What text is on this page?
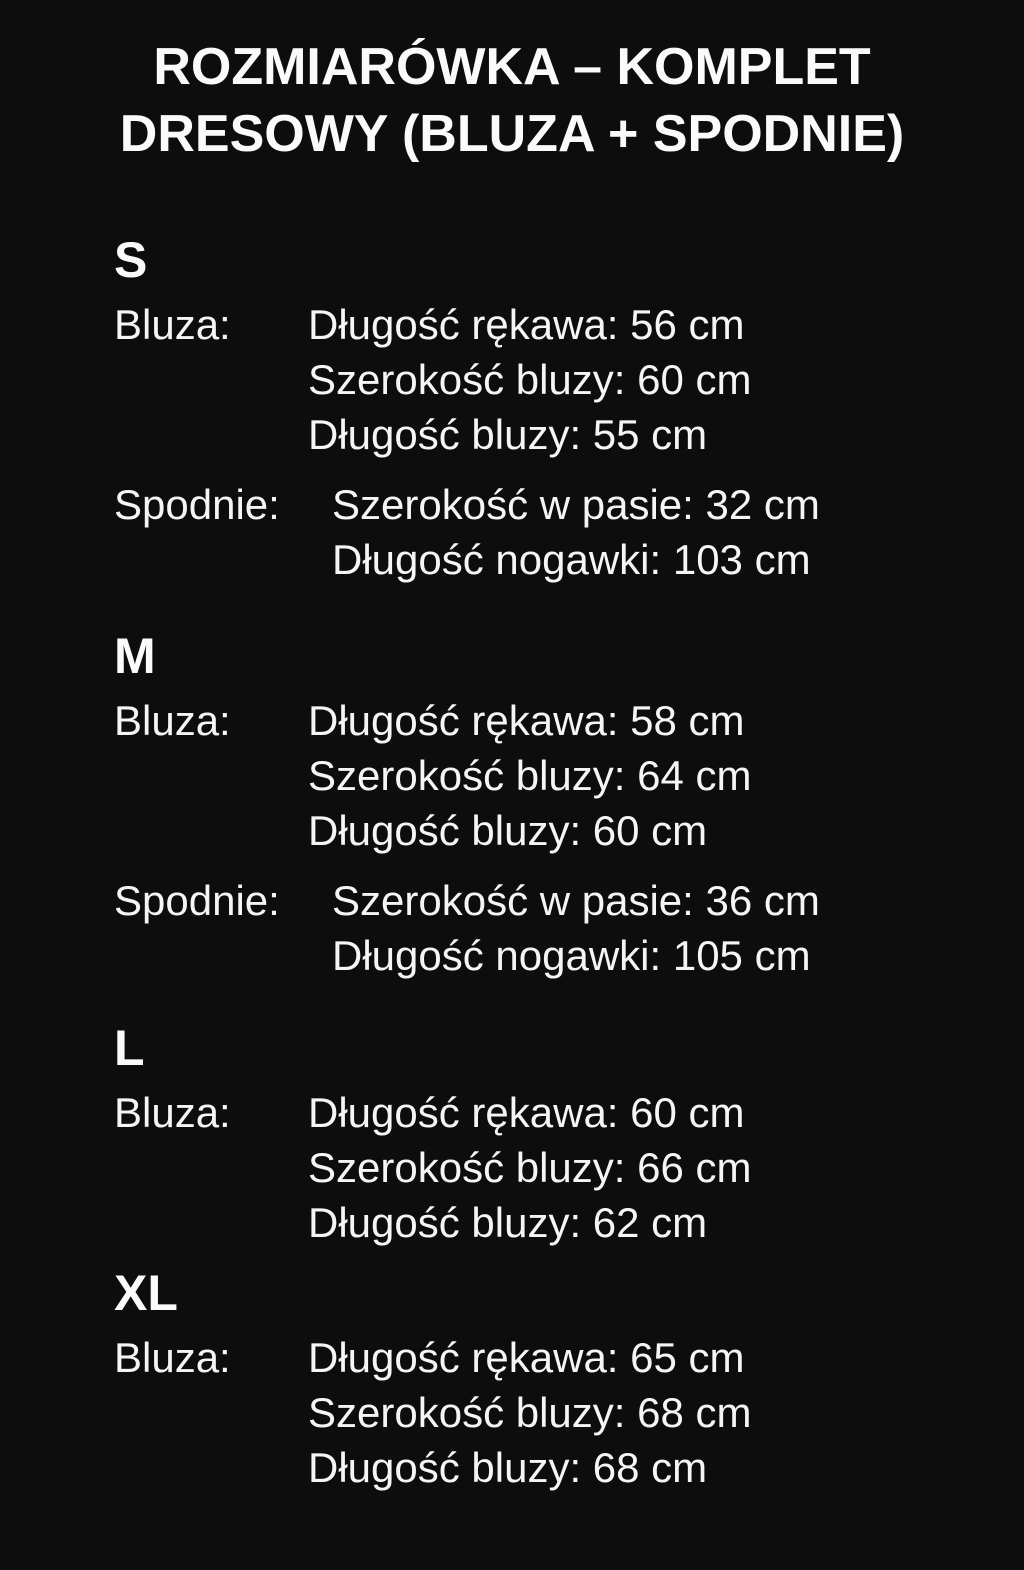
ROZMIARÓWKA – KOMPLET
DRESOWY (BLUZA + SPODNIE)
S
Bluza:	Długość rękawa: 56 cm
Szerokość bluzy: 60 cm
Długość bluzy: 55 cm
Spodnie:	Szerokość w pasie: 32 cm
Długość nogawki: 103 cm
M
Bluza:	Długość rękawa: 58 cm
Szerokość bluzy: 64 cm
Długość bluzy: 60 cm
Spodnie:	Szerokość w pasie: 36 cm
Długość nogawki: 105 cm
L
Bluza:	Długość rękawa: 60 cm
Szerokość bluzy: 66 cm
Długość bluzy: 62 cm
XL
Bluza:	Długość rękawa: 65 cm
Szerokość bluzy: 68 cm
Długość bluzy: 68 cm
